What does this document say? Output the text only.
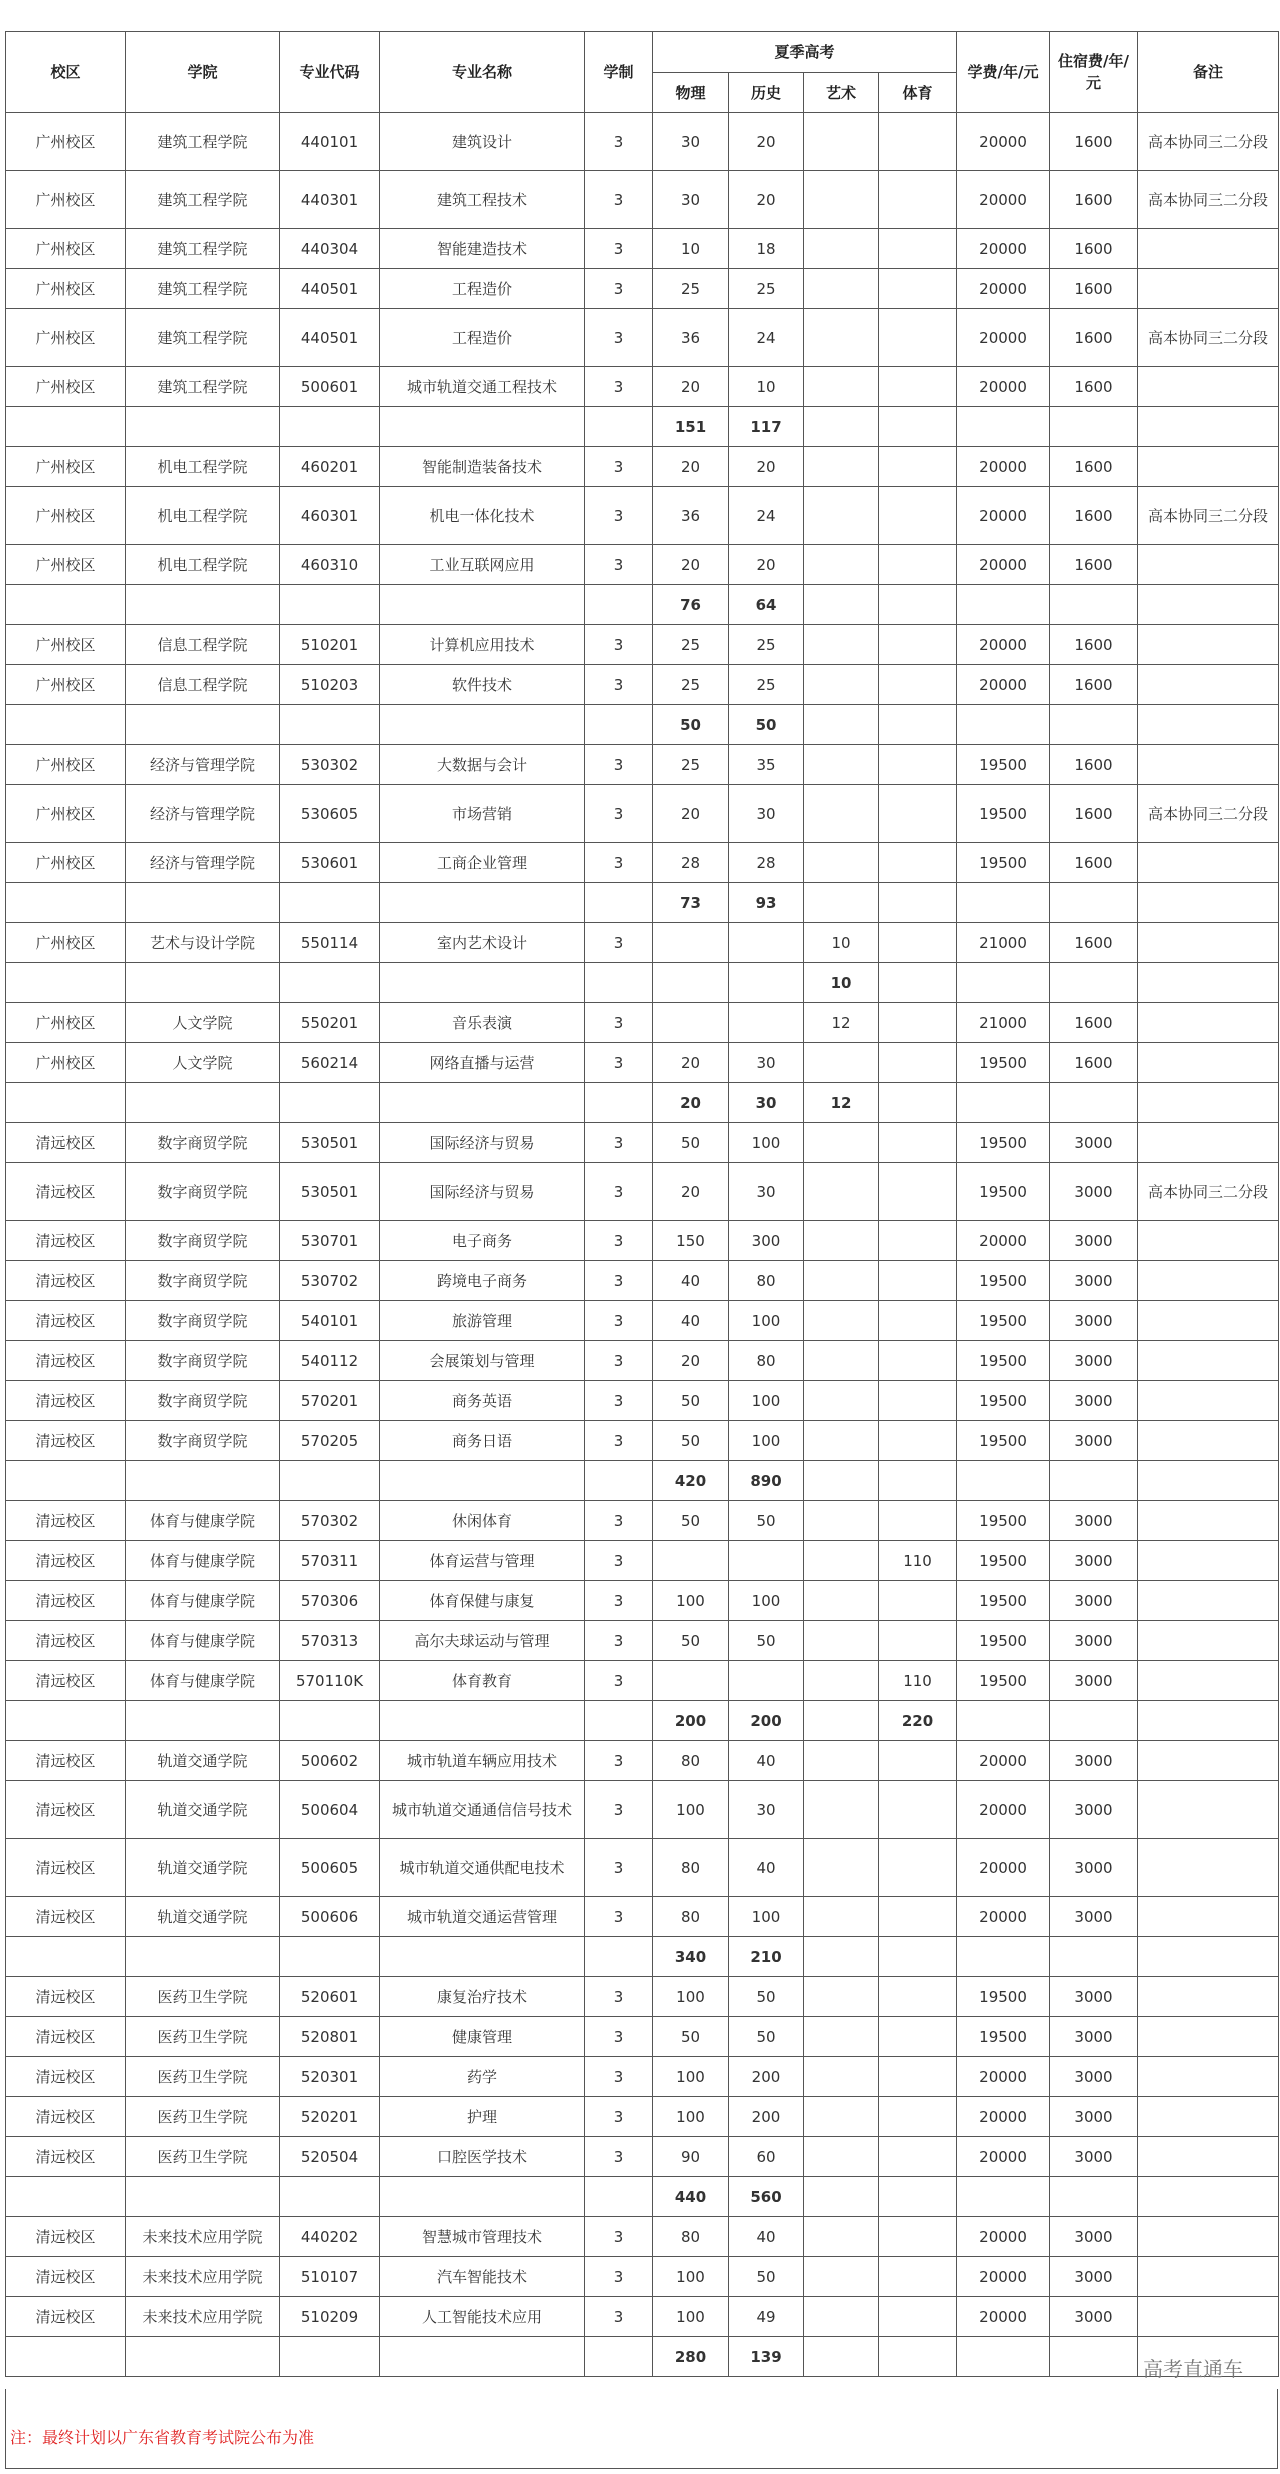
校区	学院	专业代码	专业名称	学制	夏季高考				学费/年/元	住宿费/年/元	备注
					物理	历史	艺术	体育			
广州校区	建筑工程学院	440101	建筑设计	3	30	20			20000	1600	高本协同三二分段
广州校区	建筑工程学院	440301	建筑工程技术	3	30	20			20000	1600	高本协同三二分段
广州校区	建筑工程学院	440304	智能建造技术	3	10	18			20000	1600	
广州校区	建筑工程学院	440501	工程造价	3	25	25			20000	1600	
广州校区	建筑工程学院	440501	工程造价	3	36	24			20000	1600	高本协同三二分段
广州校区	建筑工程学院	500601	城市轨道交通工程技术	3	20	10			20000	1600	
					151	117					
广州校区	机电工程学院	460201	智能制造装备技术	3	20	20			20000	1600	
广州校区	机电工程学院	460301	机电一体化技术	3	36	24			20000	1600	高本协同三二分段
广州校区	机电工程学院	460310	工业互联网应用	3	20	20			20000	1600	
					76	64					
广州校区	信息工程学院	510201	计算机应用技术	3	25	25			20000	1600	
广州校区	信息工程学院	510203	软件技术	3	25	25			20000	1600	
					50	50					
广州校区	经济与管理学院	530302	大数据与会计	3	25	35			19500	1600	
广州校区	经济与管理学院	530605	市场营销	3	20	30			19500	1600	高本协同三二分段
广州校区	经济与管理学院	530601	工商企业管理	3	28	28			19500	1600	
					73	93					
广州校区	艺术与设计学院	550114	室内艺术设计	3			10		21000	1600	
							10				
广州校区	人文学院	550201	音乐表演	3			12		21000	1600	
广州校区	人文学院	560214	网络直播与运营	3	20	30			19500	1600	
					20	30	12				
清远校区	数字商贸学院	530501	国际经济与贸易	3	50	100			19500	3000	
清远校区	数字商贸学院	530501	国际经济与贸易	3	20	30			19500	3000	高本协同三二分段
清远校区	数字商贸学院	530701	电子商务	3	150	300			20000	3000	
清远校区	数字商贸学院	530702	跨境电子商务	3	40	80			19500	3000	
清远校区	数字商贸学院	540101	旅游管理	3	40	100			19500	3000	
清远校区	数字商贸学院	540112	会展策划与管理	3	20	80			19500	3000	
清远校区	数字商贸学院	570201	商务英语	3	50	100			19500	3000	
清远校区	数字商贸学院	570205	商务日语	3	50	100			19500	3000	
					420	890					
清远校区	体育与健康学院	570302	休闲体育	3	50	50			19500	3000	
清远校区	体育与健康学院	570311	体育运营与管理	3				110	19500	3000	
清远校区	体育与健康学院	570306	体育保健与康复	3	100	100			19500	3000	
清远校区	体育与健康学院	570313	高尔夫球运动与管理	3	50	50			19500	3000	
清远校区	体育与健康学院	570110K	体育教育	3				110	19500	3000	
					200	200		220			
清远校区	轨道交通学院	500602	城市轨道车辆应用技术	3	80	40			20000	3000	
清远校区	轨道交通学院	500604	城市轨道交通通信信号技术	3	100	30			20000	3000	
清远校区	轨道交通学院	500605	城市轨道交通供配电技术	3	80	40			20000	3000	
清远校区	轨道交通学院	500606	城市轨道交通运营管理	3	80	100			20000	3000	
					340	210					
清远校区	医药卫生学院	520601	康复治疗技术	3	100	50			19500	3000	
清远校区	医药卫生学院	520801	健康管理	3	50	50			19500	3000	
清远校区	医药卫生学院	520301	药学	3	100	200			20000	3000	
清远校区	医药卫生学院	520201	护理	3	100	200			20000	3000	
清远校区	医药卫生学院	520504	口腔医学技术	3	90	60			20000	3000	
					440	560					
清远校区	未来技术应用学院	440202	智慧城市管理技术	3	80	40			20000	3000	
清远校区	未来技术应用学院	510107	汽车智能技术	3	100	50			20000	3000	
清远校区	未来技术应用学院	510209	人工智能技术应用	3	100	49			20000	3000	
					280	139					
注：最终计划以广东省教育考试院公布为准
高考直通车
